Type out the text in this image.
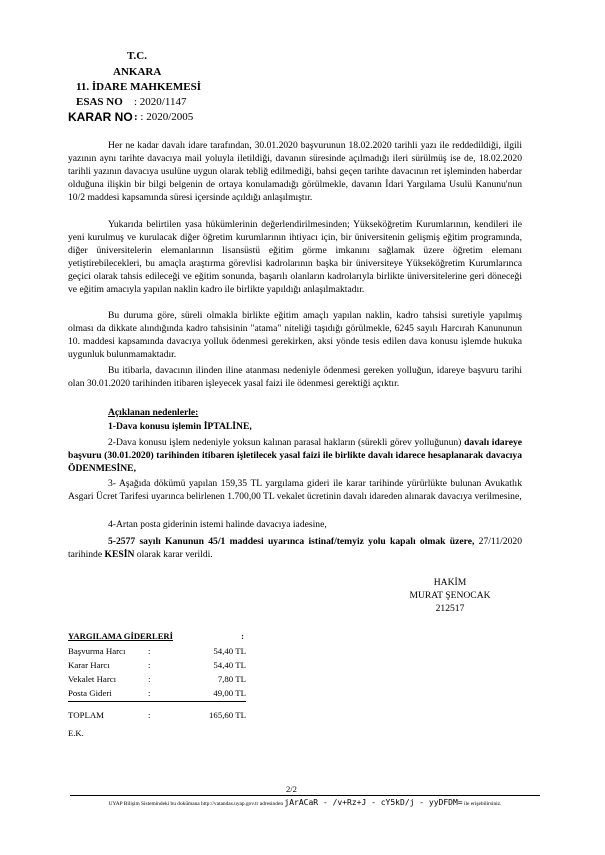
T.C.
ANKARA
11. İDARE MAHKEMESİ
ESAS NO : 2020/1147
KARAR NO : : 2020/2005
Her ne kadar davalı idare tarafından, 30.01.2020 başvurunun 18.02.2020 tarihli yazı ile reddedildiği, ilgili yazının aynı tarihte davacıya mail yoluyla iletildiği, davanın süresinde açılmadığı ileri sürülmüş ise de, 18.02.2020 tarihli yazının davacıya usulüne uygun olarak tebliğ edilmediği, bahsi geçen tarihte davacının ret işleminden haberdar olduğuna ilişkin bir bilgi belgenin de ortaya konulamadığı görülmekle, davanın İdari Yargılama Usulü Kanunu'nun 10/2 maddesi kapsamında süresi içersinde açıldığı anlaşılmıştır.
Yukarıda belirtilen yasa hükümlerinin değerlendirilmesinden; Yükseköğretim Kurumlarının, kendileri ile yeni kurulmuş ve kurulacak diğer öğretim kurumlarının ihtiyacı için, bir üniversitenin gelişmiş eğitim programında, diğer üniversitelerin elemanlarının lisansüstü eğitim görme imkanını sağlamak üzere öğretim elemanı yetiştirebilecekleri, bu amaçla araştırma görevlisi kadrolarının başka bir üniversiteye Yükseköğretim Kurumlarınca geçici olarak tahsis edileceği ve eğitim sonunda, başarılı olanların kadrolarıyla birlikte üniversitelerine geri döneceği ve eğitim amacıyla yapılan naklin kadro ile birlikte yapıldığı anlaşılmaktadır.
Bu duruma göre, süreli olmakla birlikte eğitim amaçlı yapılan naklin, kadro tahsisi suretiyle yapılmış olması da dikkate alındığında kadro tahsisinin "atama" niteliği taşıdığı görülmekle, 6245 sayılı Harcırah Kanununun 10. maddesi kapsamında davacıya yolluk ödenmesi gerekirken, aksi yönde tesis edilen dava konusu işlemde hukuka uygunluk bulunmamaktadır.
Bu itibarla, davacının ilinden iline atanması nedeniyle ödenmesi gereken yolluğun, idareye başvuru tarihi olan 30.01.2020 tarihinden itibaren işleyecek yasal faizi ile ödenmesi gerektiği açıktır.
Açıklanan nedenlerle:
1-Dava konusu işlemin İPTALİNE,
2-Dava konusu işlem nedeniyle yoksun kalınan parasal hakların (sürekli görev yolluğunun) davalı idareye başvuru (30.01.2020) tarihinden itibaren işletilecek yasal faizi ile birlikte davalı idarece hesaplanarak davacıya ÖDENMESİNE,
3- Aşağıda dökümü yapılan 159,35 TL yargılama gideri ile karar tarihinde yürürlükte bulunan Avukatlık Asgari Ücret Tarifesi uyarınca belirlenen 1.700,00 TL vekalet ücretinin davalı idareden alınarak davacıya verilmesine,
4-Artan posta giderinin istemi halinde davacıya iadesine,
5-2577 sayılı Kanunun 45/1 maddesi uyarınca istinaf/temyiz yolu kapalı olmak üzere, 27/11/2020 tarihinde KESİN olarak karar verildi.
HAKİM
MURAT ŞENOCAK
212517
YARGILAMA GİDERLERİ	:
Başvurma Harcı	:	54,40 TL
Karar Harcı	:	54,40 TL
Vekalet Harcı	:	7,80 TL
Posta Gideri	:	49,00 TL
TOPLAM	:	165,60 TL
E.K.
2/2
UYAP Bilişim Sistemindeki bu dokümana http://vatandas.uyap.gov.tr adresinden jArACaR - /v+Rz+J - cY5kD/j - yyDFDM= ile erişebilirsiniz.
